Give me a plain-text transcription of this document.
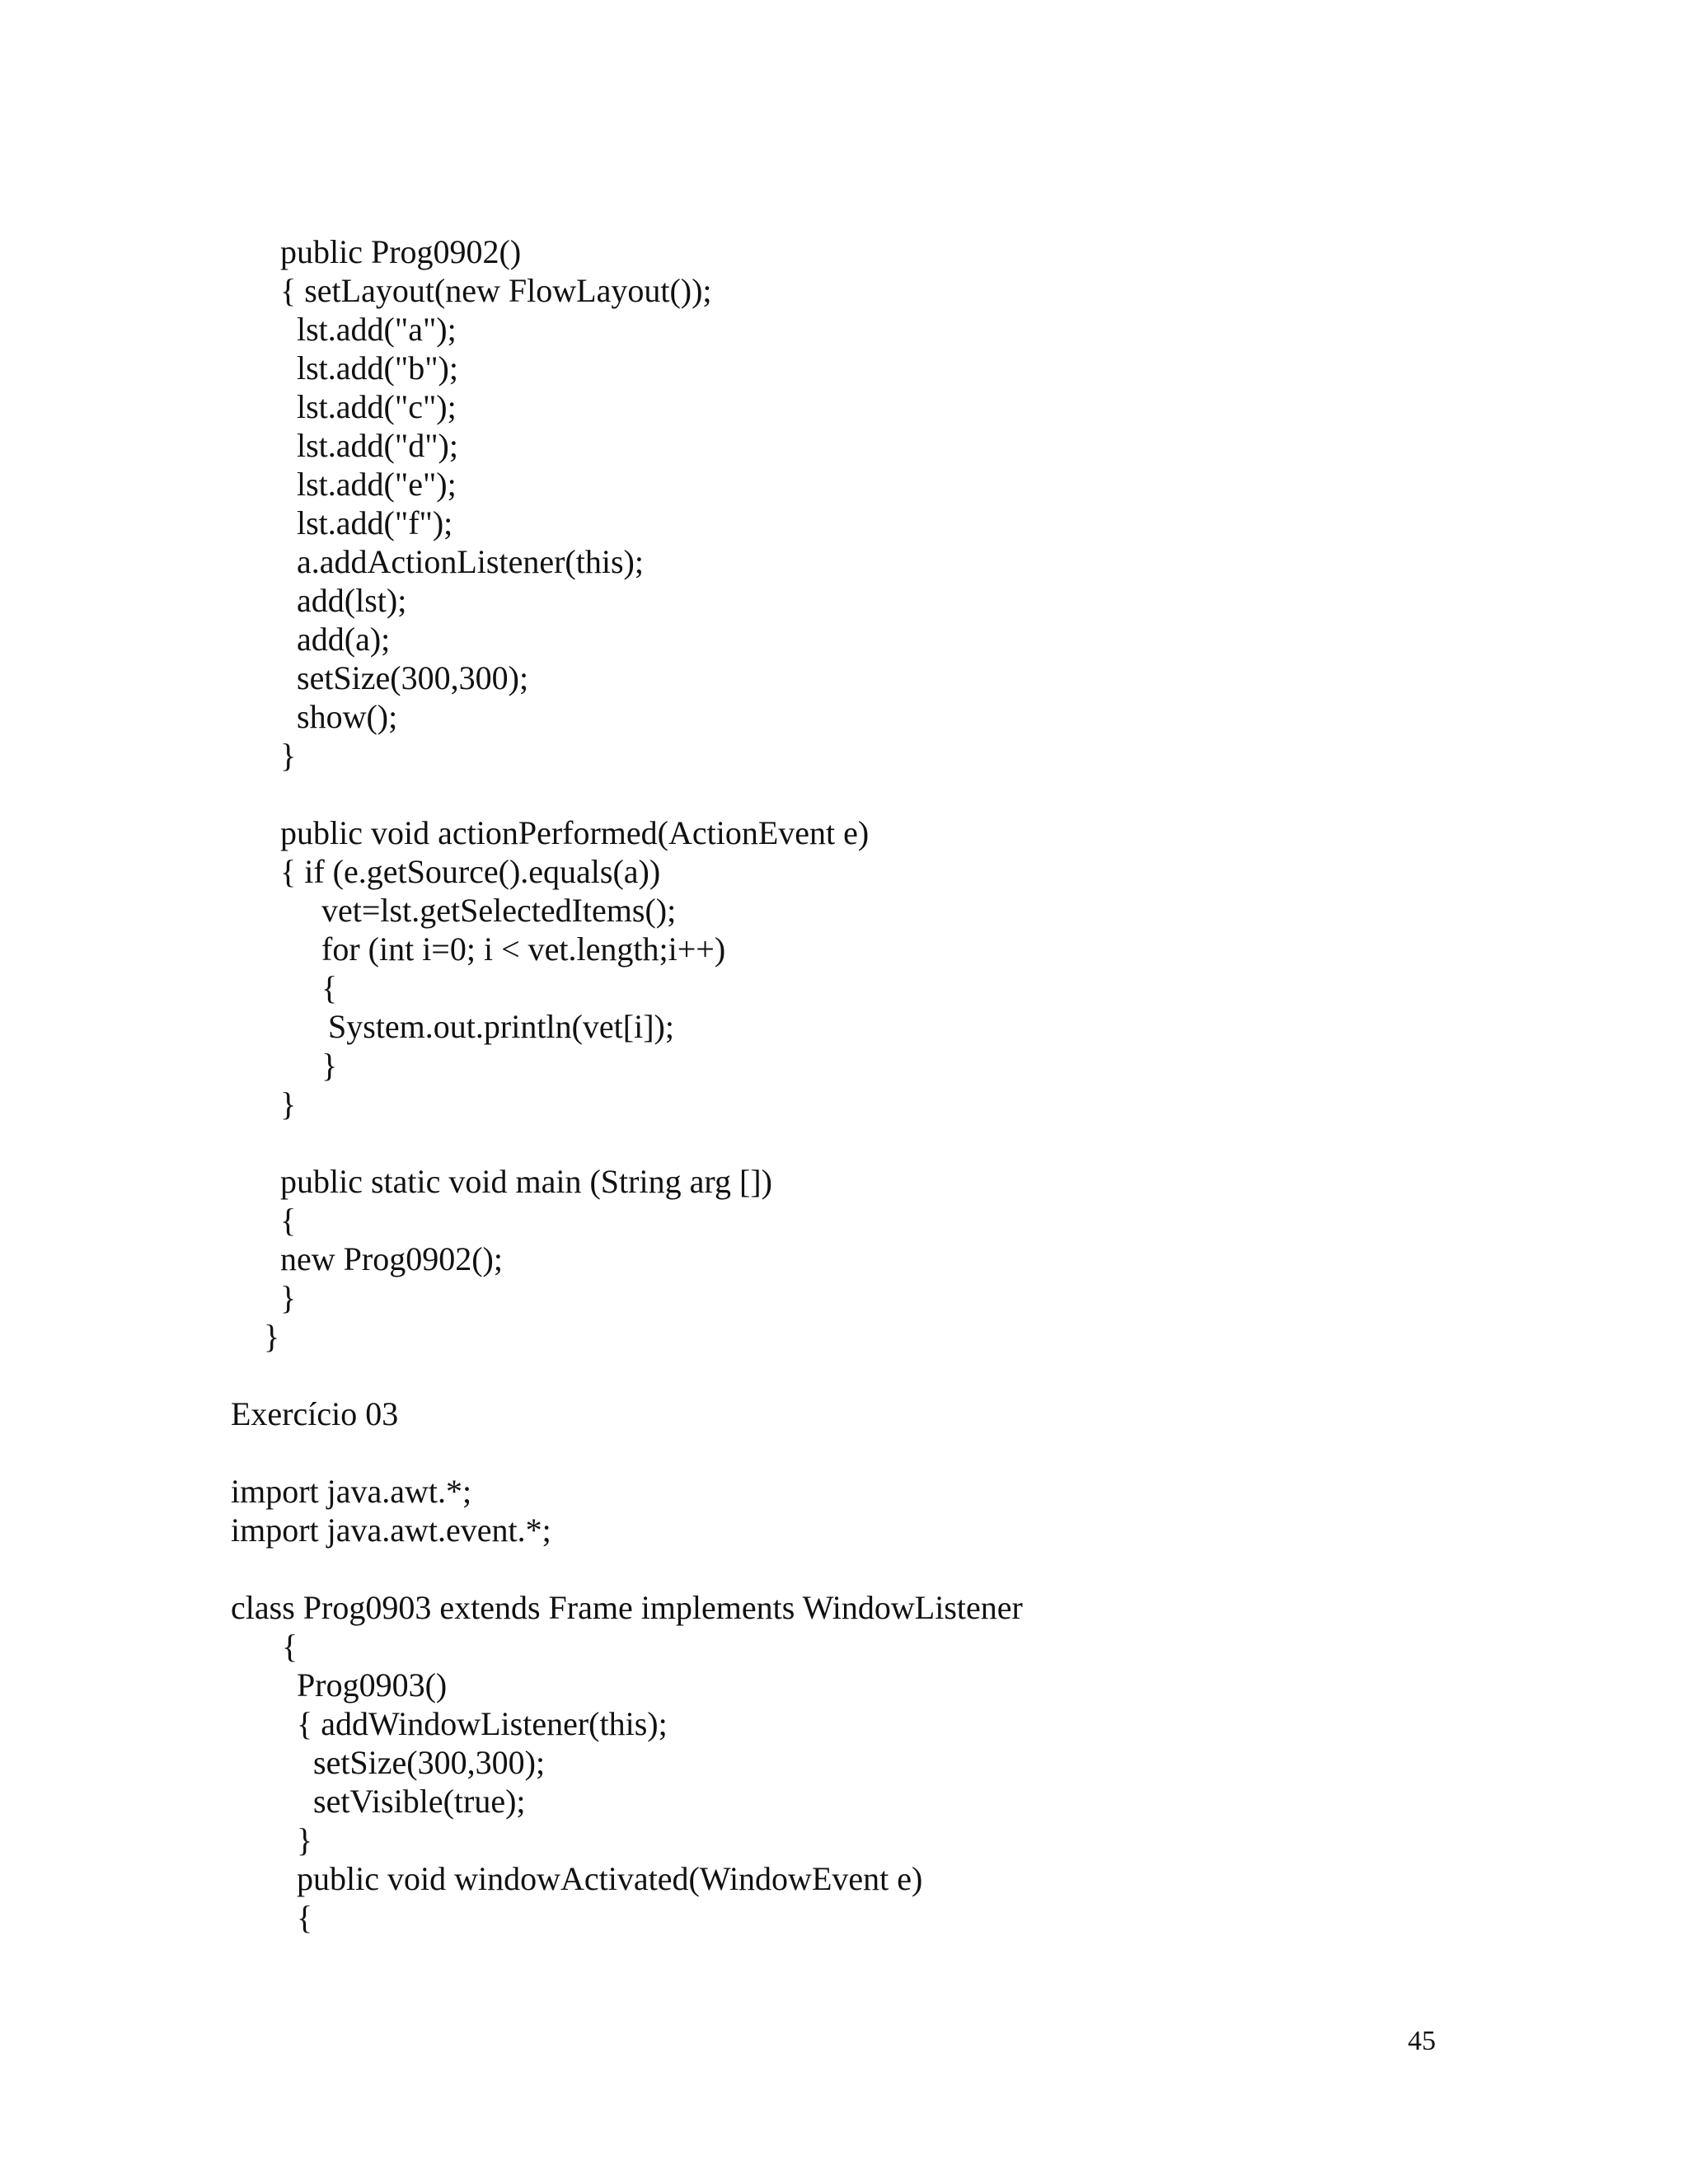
public Prog0902()
{ setLayout(new FlowLayout());
lst.add("a");
lst.add("b");
lst.add("c");
lst.add("d");
lst.add("e");
lst.add("f");
a.addActionListener(this);
add(lst);
add(a);
setSize(300,300);
show();
}
public void actionPerformed(ActionEvent e)
{ if (e.getSource().equals(a))
vet=lst.getSelectedItems();
for (int i=0; i < vet.length;i++)
{
System.out.println(vet[i]);
}
}
public static void main (String arg [])
{
new Prog0902();
}
}
Exercício 03
import java.awt.*;
import java.awt.event.*;
class Prog0903 extends Frame implements WindowListener
{
Prog0903()
{ addWindowListener(this);
setSize(300,300);
setVisible(true);
}
public void windowActivated(WindowEvent e)
{
45
